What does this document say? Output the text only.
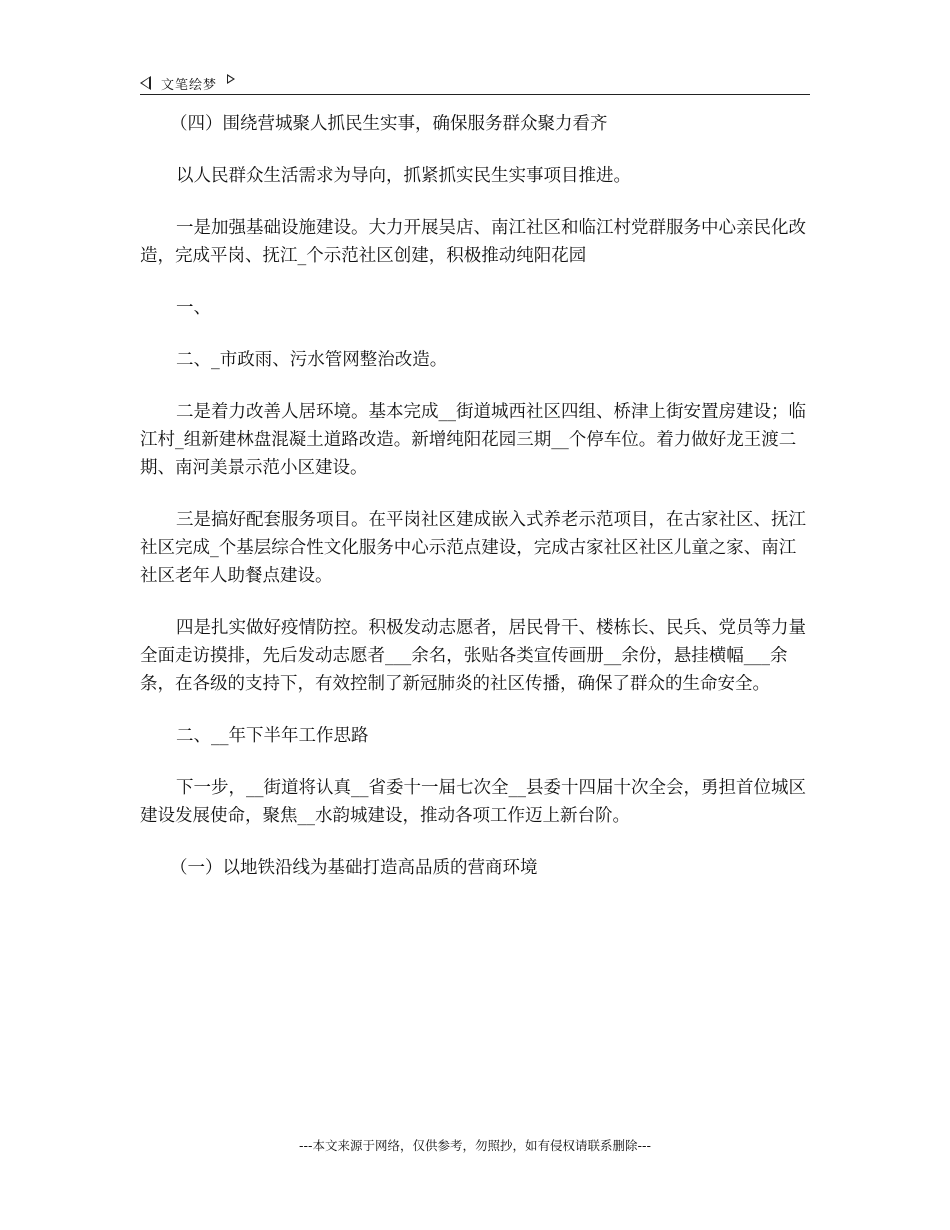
文笔绘梦

（四）围绕营城聚人抓民生实事，确保服务群众聚力看齐

以人民群众生活需求为导向，抓紧抓实民生实事项目推进。

一是加强基础设施建设。大力开展吴店、南江社区和临江村党群服务中心亲民化改造，完成平岗、抚江_个示范社区创建，积极推动纯阳花园

一、

二、_市政雨、污水管网整治改造。

二是着力改善人居环境。基本完成__街道城西社区四组、桥津上街安置房建设；临江村_组新建林盘混凝土道路改造。新增纯阳花园三期__个停车位。着力做好龙王渡二期、南河美景示范小区建设。

三是搞好配套服务项目。在平岗社区建成嵌入式养老示范项目，在古家社区、抚江社区完成_个基层综合性文化服务中心示范点建设，完成古家社区社区儿童之家、南江社区老年人助餐点建设。

四是扎实做好疫情防控。积极发动志愿者，居民骨干、楼栋长、民兵、党员等力量全面走访摸排，先后发动志愿者___余名，张贴各类宣传画册__余份，悬挂横幅___余条，在各级的支持下，有效控制了新冠肺炎的社区传播，确保了群众的生命安全。

二、__年下半年工作思路

下一步，__街道将认真__省委十一届七次全__县委十四届十次全会，勇担首位城区建设发展使命，聚焦__水韵城建设，推动各项工作迈上新台阶。

（一）以地铁沿线为基础打造高品质的营商环境

---本文来源于网络，仅供参考，勿照抄，如有侵权请联系删除---
